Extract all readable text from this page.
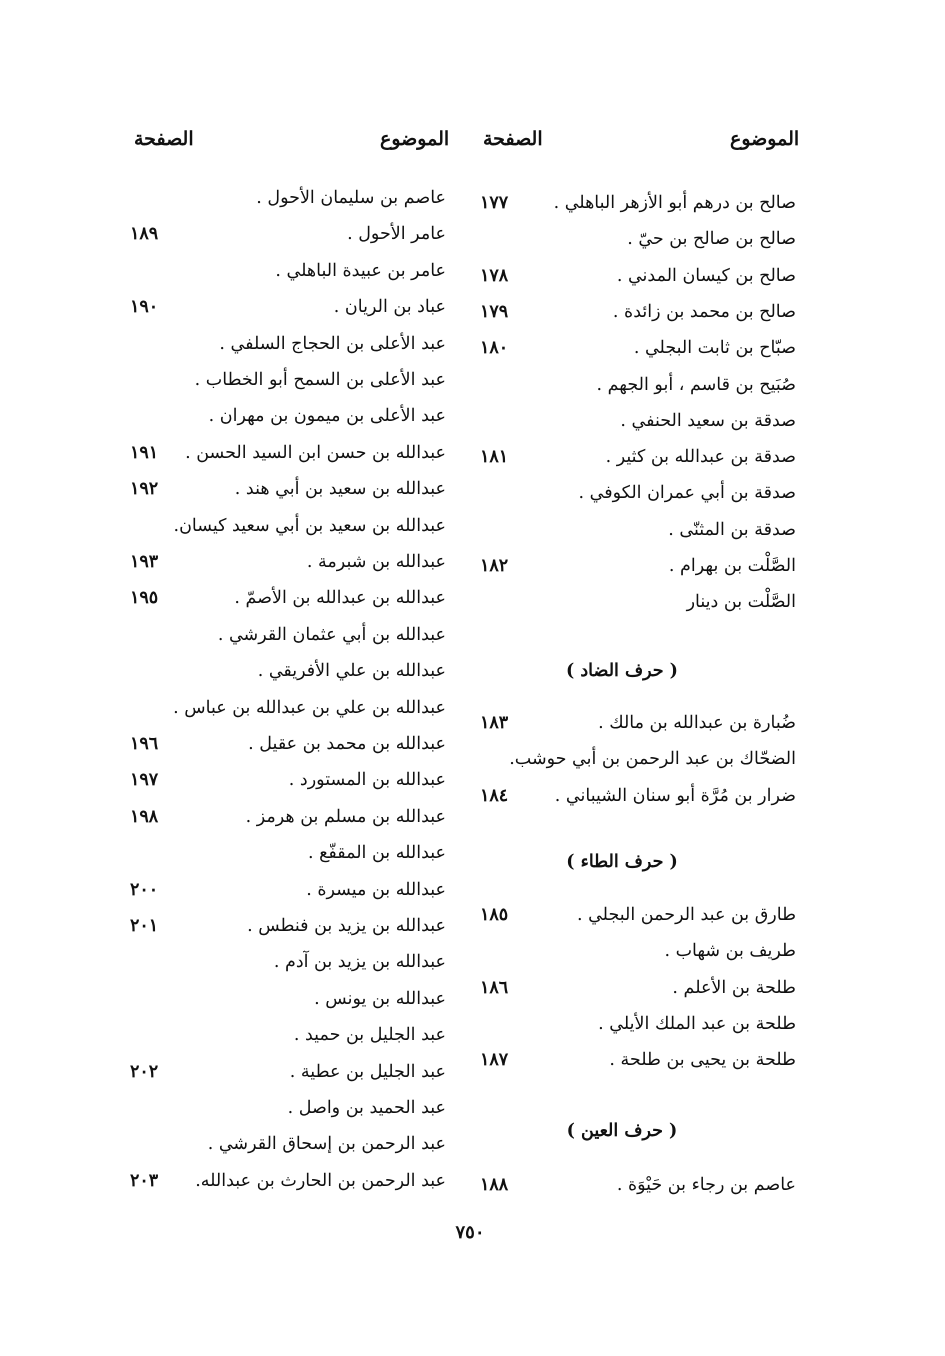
الموضوع
الصفحة
الموضوع
الصفحة
صالح بن درهم أبو الأزهر الباهلي .
١٧٧
صالح بن صالح بن حيّ .
صالح بن كيسان المدني .
١٧٨
صالح بن محمد بن زائدة .
١٧٩
صبّاح بن ثابت البجلي .
١٨٠
صُبَيح بن قاسم ، أبو الجهم .
صدقة بن سعيد الحنفي .
صدقة بن عبدالله بن كثير .
١٨١
صدقة بن أبي عمران الكوفي .
صدقة بن المثنّى .
الصَّلْت بن بهرام .
١٨٢
الصَّلْت بن دينار
( حرف الضاد )
ضُبارة بن عبدالله بن مالك .
١٨٣
الضحّاك بن عبد الرحمن بن أبي حوشب.
ضرار بن مُرَّة أبو سنان الشيباني .
١٨٤
( حرف الطاء )
طارق بن عبد الرحمن البجلي .
١٨٥
طريف بن شهاب .
طلحة بن الأعلم .
١٨٦
طلحة بن عبد الملك الأيلي .
طلحة بن يحيى بن طلحة .
١٨٧
( حرف العين )
عاصم بن رجاء بن حَيْوَة .
١٨٨
عاصم بن سليمان الأحول .
عامر الأحول .
١٨٩
عامر بن عبيدة الباهلي .
عباد بن الريان .
١٩٠
عبد الأعلى بن الحجاج السلفي .
عبد الأعلى بن السمح أبو الخطاب .
عبد الأعلى بن ميمون بن مهران .
عبدالله بن حسن ابن السيد الحسن .
١٩١
عبدالله بن سعيد بن أبي هند .
١٩٢
عبدالله بن سعيد بن أبي سعيد كيسان.
عبدالله بن شبرمة .
١٩٣
عبدالله بن عبدالله بن الأصمّ .
١٩٥
عبدالله بن أبي عثمان القرشي .
عبدالله بن علي الأفريقي .
عبدالله بن علي بن عبدالله بن عباس .
عبدالله بن محمد بن عقيل .
١٩٦
عبدالله بن المستورد .
١٩٧
عبدالله بن مسلم بن هرمز .
١٩٨
عبدالله بن المقفّع .
عبدالله بن ميسرة .
٢٠٠
عبدالله بن يزيد بن فنطس .
٢٠١
عبدالله بن يزيد بن آدم .
عبدالله بن يونس .
عبد الجليل بن حميد .
عبد الجليل بن عطية .
٢٠٢
عبد الحميد بن واصل .
عبد الرحمن بن إسحاق القرشي .
عبد الرحمن بن الحارث بن عبدالله.
٢٠٣
٧٥٠
